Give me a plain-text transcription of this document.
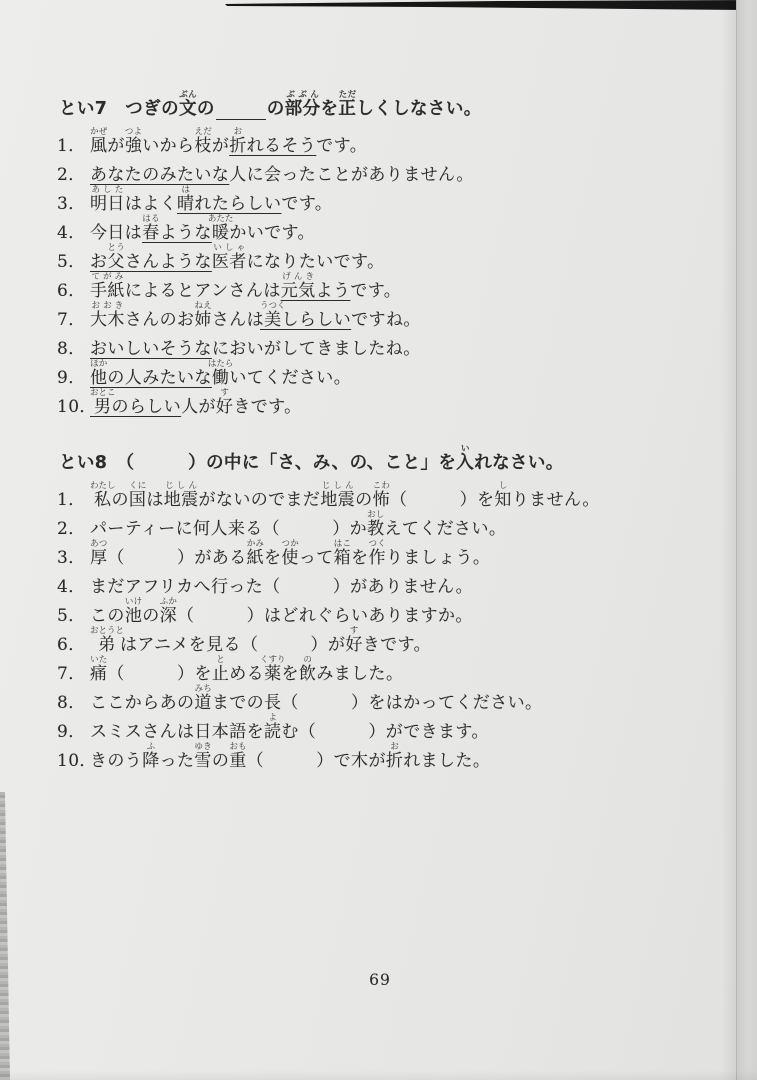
とい7　つぎの 文ぶん
の	の 部分ぶぶん
を 正ただ
しくしなさい。
1． 風かぜが強つよいから枝えだが折おれるそうです。
2． あなたのみたいな人に会ったことがありません。
3． 明日あしたはよく晴はれたらしいです。
4． 今日は春はるような暖あたたかいです。
5． お父とうさんような医者いしゃになりたいです。
6． 手紙てがみによるとアンさんは元気げんきようです。
7． 大木おおきさんのお姉ねえさんは美うつくしらしいですね。
8． おいしいそうなにおいがしてきましたね。
9． 他ほかの人みたいな働はたらいてください。
10．
男おとこのらしい人が好すきです。
とい8　（　　　）の中に「さ、み、の、こと」を 入い
れなさい。
1． 私わたしの国くには地震じしんがないのでまだ地震じしんの怖こわ（　　　）を知しりません。
2． パーティーに何人来る（　　　）か教おしえてください。
3． 厚あつ（　　　）がある紙かみを使つかって箱はこを作つくりましょう。
4． まだアフリカへ行った（　　　）がありません。
5． この池いけの深ふか（　　　）はどれぐらいありますか。
6． 弟おとうとはアニメを見る（　　　）が好すきです。
7． 痛いた（　　　）を止とめる薬くすりを飲のみました。
8． ここからあの道みちまでの長（　　　）をはかってください。
9． スミスさんは日本語を読よむ（　　　）ができます。
10．
きのう降ふった雪ゆきの重おも（　　　）で木が折おれました。
69
